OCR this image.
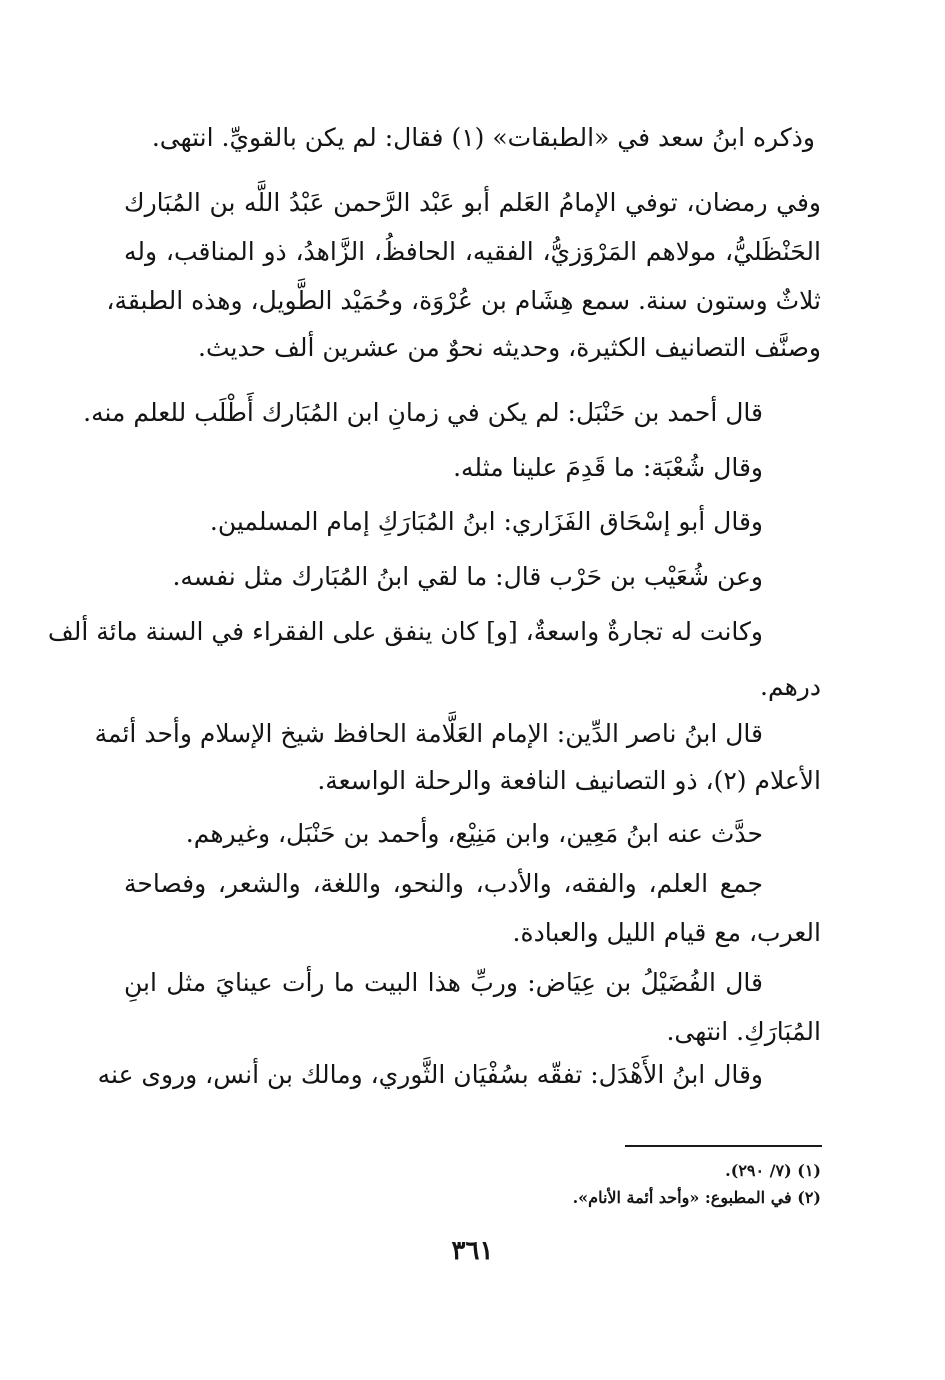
وذكره ابنُ سعد في «الطبقات» (١) فقال: لم يكن بالقويِّ. انتهى.

وفي رمضان، توفي الإمامُ العَلم أبو عَبْد الرَّحمن عَبْدُ اللَّه بن المُبَارك

الحَنْظَليُّ، مولاهم المَرْوَزيُّ، الفقيه، الحافظُ، الزَّاهدُ، ذو المناقب، وله

ثلاثٌ وستون سنة. سمع هِشَام بن عُرْوَة، وحُمَيْد الطَّويل، وهذه الطبقة،

وصنَّف التصانيف الكثيرة، وحديثه نحوٌ من عشرين ألف حديث.

قال أحمد بن حَنْبَل: لم يكن في زمانِ ابن المُبَارك أَطْلَب للعلم منه.

وقال شُعْبَة: ما قَدِمَ علينا مثله.

وقال أبو إسْحَاق الفَزَاري: ابنُ المُبَارَكِ إمام المسلمين.

وعن شُعَيْب بن حَرْب قال: ما لقي ابنُ المُبَارك مثل نفسه.

وكانت له تجارةٌ واسعةٌ، [و] كان ينفق على الفقراء في السنة مائة ألف

درهم.

قال ابنُ ناصر الدِّين: الإمام العَلَّامة الحافظ شيخ الإسلام وأحد أئمة

الأعلام (٢)، ذو التصانيف النافعة والرحلة الواسعة.

حدَّث عنه ابنُ مَعِين، وابن مَنِيْع، وأحمد بن حَنْبَل، وغيرهم.

جمع العلم، والفقه، والأدب، والنحو، واللغة، والشعر، وفصاحة

العرب، مع قيام الليل والعبادة.

قال الفُضَيْلُ بن عِيَاض: وربِّ هذا البيت ما رأت عينايَ مثل ابنِ

المُبَارَكِ. انتهى.

وقال ابنُ الأَهْدَل: تفقّه بسُفْيَان الثَّوري، ومالك بن أنس، وروى عنه

(١) (٧/ ٢٩٠).

(٢) في المطبوع: «وأحد أئمة الأنام».

٣٦١
